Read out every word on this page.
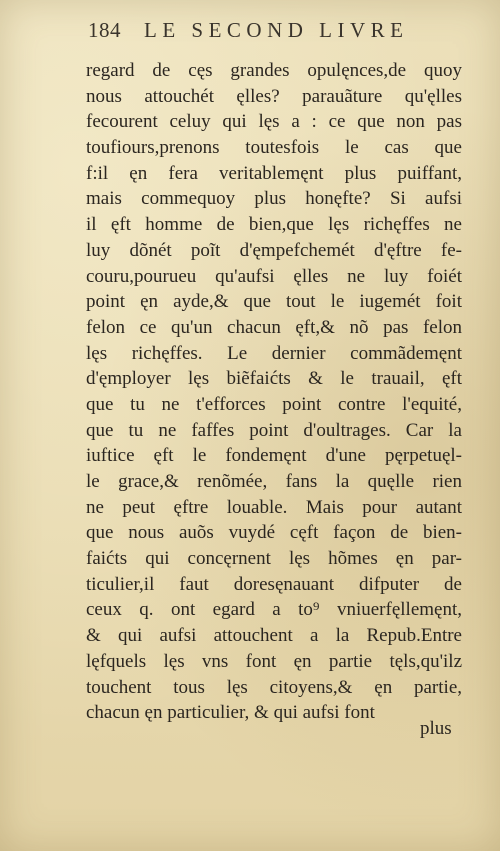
184	LE SECOND LIVRE
regard de cęs grandes opulęnces,de quoy
nous attouchét ęlles? parauãture qu'ęlles
fecourent celuy qui lęs a : ce que non pas
toufiours,prenons toutesfois le cas que
f:il ęn fera veritablemęnt plus puiffant,
mais commequoy plus honęfte? Si aufsi
il ęft homme de bien,que lęs richęffes ne
luy dõnét poĩt d'ęmpefchemét d'ęftre fe-
couru,pourueu qu'aufsi ęlles ne luy foiét
point ęn ayde,& que tout le iugemét foit
felon ce qu'un chacun ęft,& nõ pas felon
lęs richęffes. Le dernier commãdemęnt
d'ęmployer lęs biẽfaićts & le trauail, ęft
que tu ne t'efforces point contre l'equité,
que tu ne faffes point d'oultrages. Car la
iuftice ęft le fondemęnt d'une pęrpetuęl-
le grace,& renõmée, fans la quęlle rien
ne peut ęftre louable. Mais pour autant
que nous auõs vuydé cęft façon de bien-
faićts qui concęrnent lęs hõmes ęn par-
ticulier,il faut doresęnauant difputer de
ceux q. ont egard a to⁹ vniuerfęllemęnt,
& qui aufsi attouchent a la Repub.Entre
lęfquels lęs vns font ęn partie tęls,qu'ilz
touchent tous lęs citoyens,& ęn partie,
chacun ęn particulier, & qui aufsi font
plus
